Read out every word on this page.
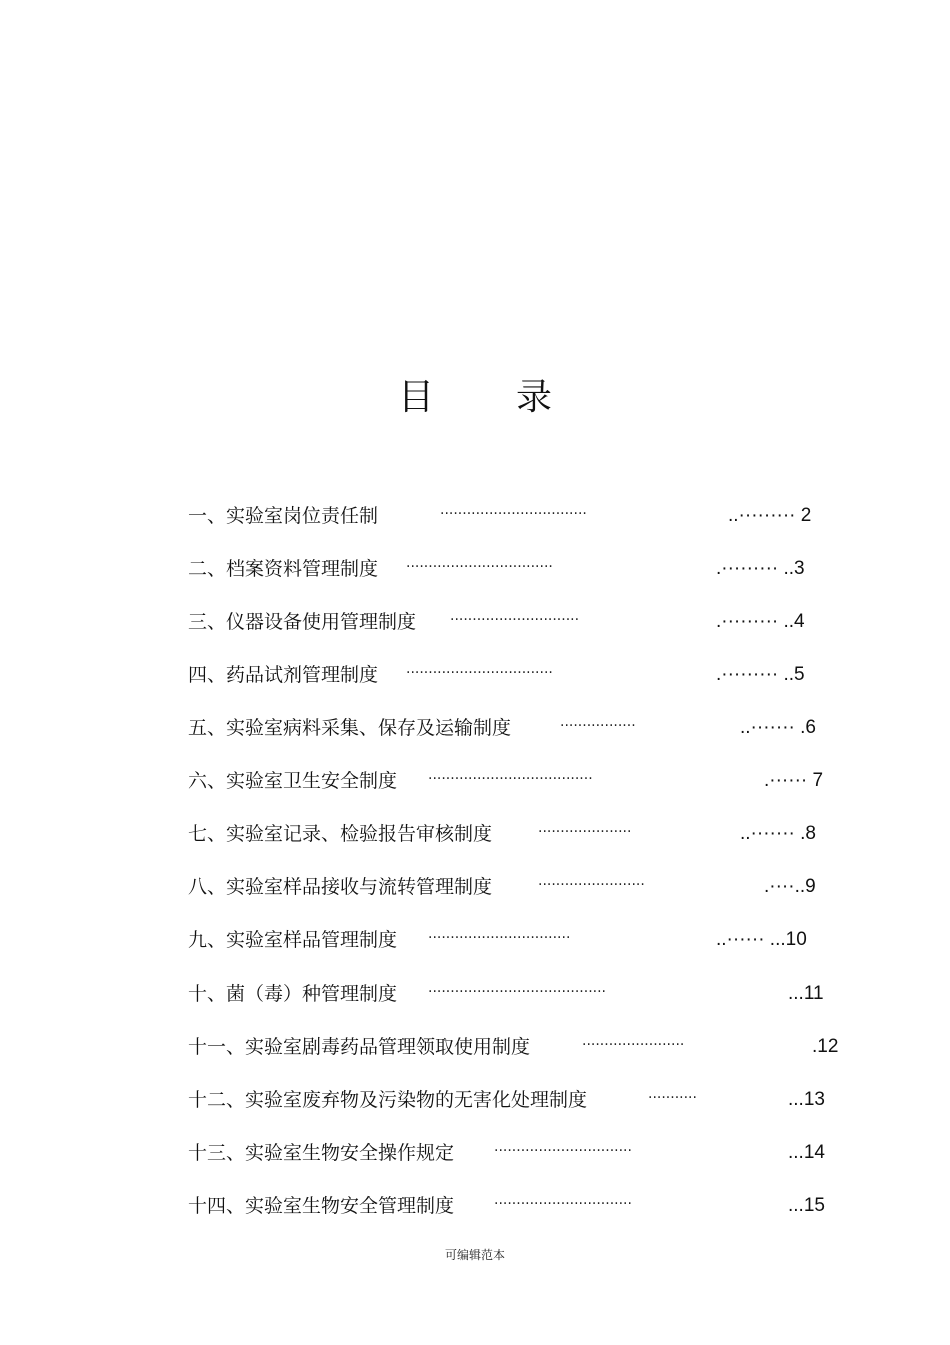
目 录
一、实验室岗位责任制	·································	..········· 2
二、档案资料管理制度 ·································	.········· ..3
三、仪器设备使用管理制度 ·····························	.········· ..4
四、药品试剂管理制度 ·································	.········· ..5
五、实验室病料采集、保存及运输制度	·················	..······· .6
六、实验室卫生安全制度 ·····································	.······ 7
七、实验室记录、检验报告审核制度	·····················	..······· .8
八、实验室样品接收与流转管理制度	························	.····..9
九、实验室样品管理制度 ································	..······ ...10
十、菌（毒）种管理制度 ········································	...11
十一、实验室剧毒药品管理领取使用制度	·······················	.12
十二、实验室废弃物及污染物的无害化处理制度	···········	...13
十三、实验室生物安全操作规定	·······························	...14
十四、实验室生物安全管理制度	·······························	...15
可编辑范本
